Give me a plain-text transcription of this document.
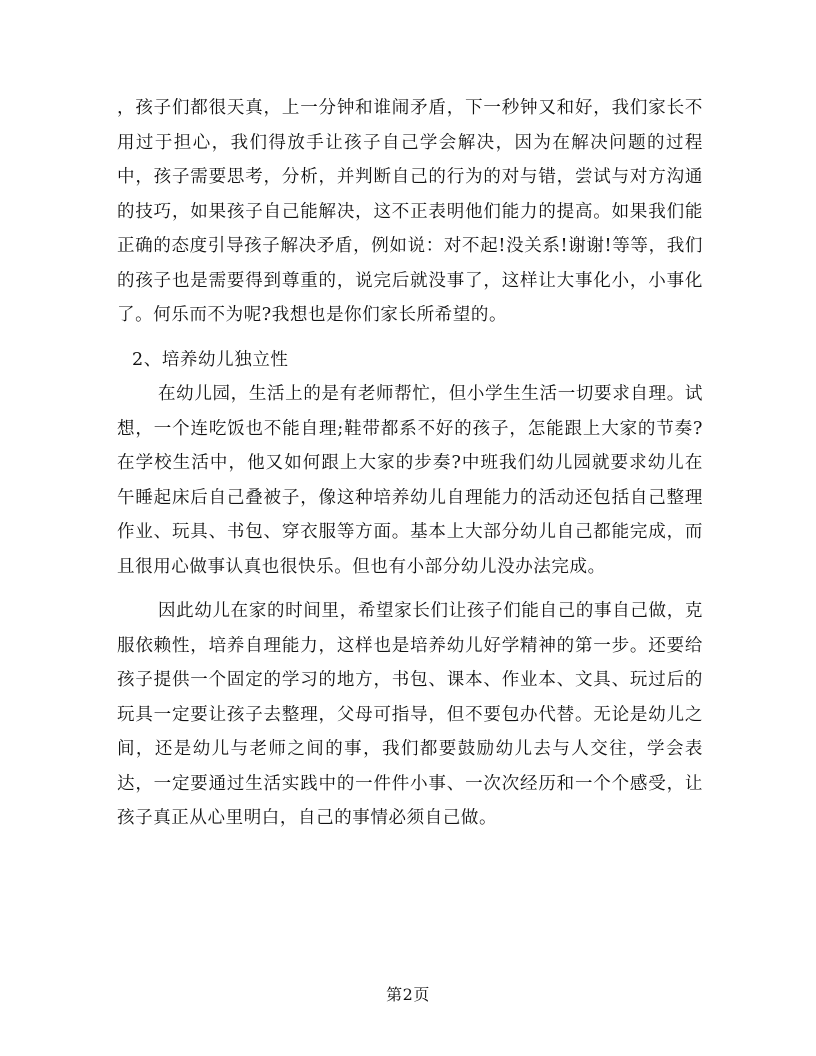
，孩子们都很天真，上一分钟和谁闹矛盾，下一秒钟又和好，我们家长不用过于担心，我们得放手让孩子自己学会解决，因为在解决问题的过程中，孩子需要思考，分析，并判断自己的行为的对与错，尝试与对方沟通的技巧，如果孩子自己能解决，这不正表明他们能力的提高。如果我们能正确的态度引导孩子解决矛盾，例如说：对不起!没关系!谢谢!等等，我们的孩子也是需要得到尊重的，说完后就没事了，这样让大事化小，小事化了。何乐而不为呢?我想也是你们家长所希望的。

2、培养幼儿独立性

在幼儿园，生活上的是有老师帮忙，但小学生生活一切要求自理。试想，一个连吃饭也不能自理;鞋带都系不好的孩子，怎能跟上大家的节奏?在学校生活中，他又如何跟上大家的步奏?中班我们幼儿园就要求幼儿在午睡起床后自己叠被子，像这种培养幼儿自理能力的活动还包括自己整理作业、玩具、书包、穿衣服等方面。基本上大部分幼儿自己都能完成，而且很用心做事认真也很快乐。但也有小部分幼儿没办法完成。

因此幼儿在家的时间里，希望家长们让孩子们能自己的事自己做，克服依赖性，培养自理能力，这样也是培养幼儿好学精神的第一步。还要给孩子提供一个固定的学习的地方，书包、课本、作业本、文具、玩过后的玩具一定要让孩子去整理，父母可指导，但不要包办代替。无论是幼儿之间，还是幼儿与老师之间的事，我们都要鼓励幼儿去与人交往，学会表达，一定要通过生活实践中的一件件小事、一次次经历和一个个感受，让孩子真正从心里明白，自己的事情必须自己做。

第2页
